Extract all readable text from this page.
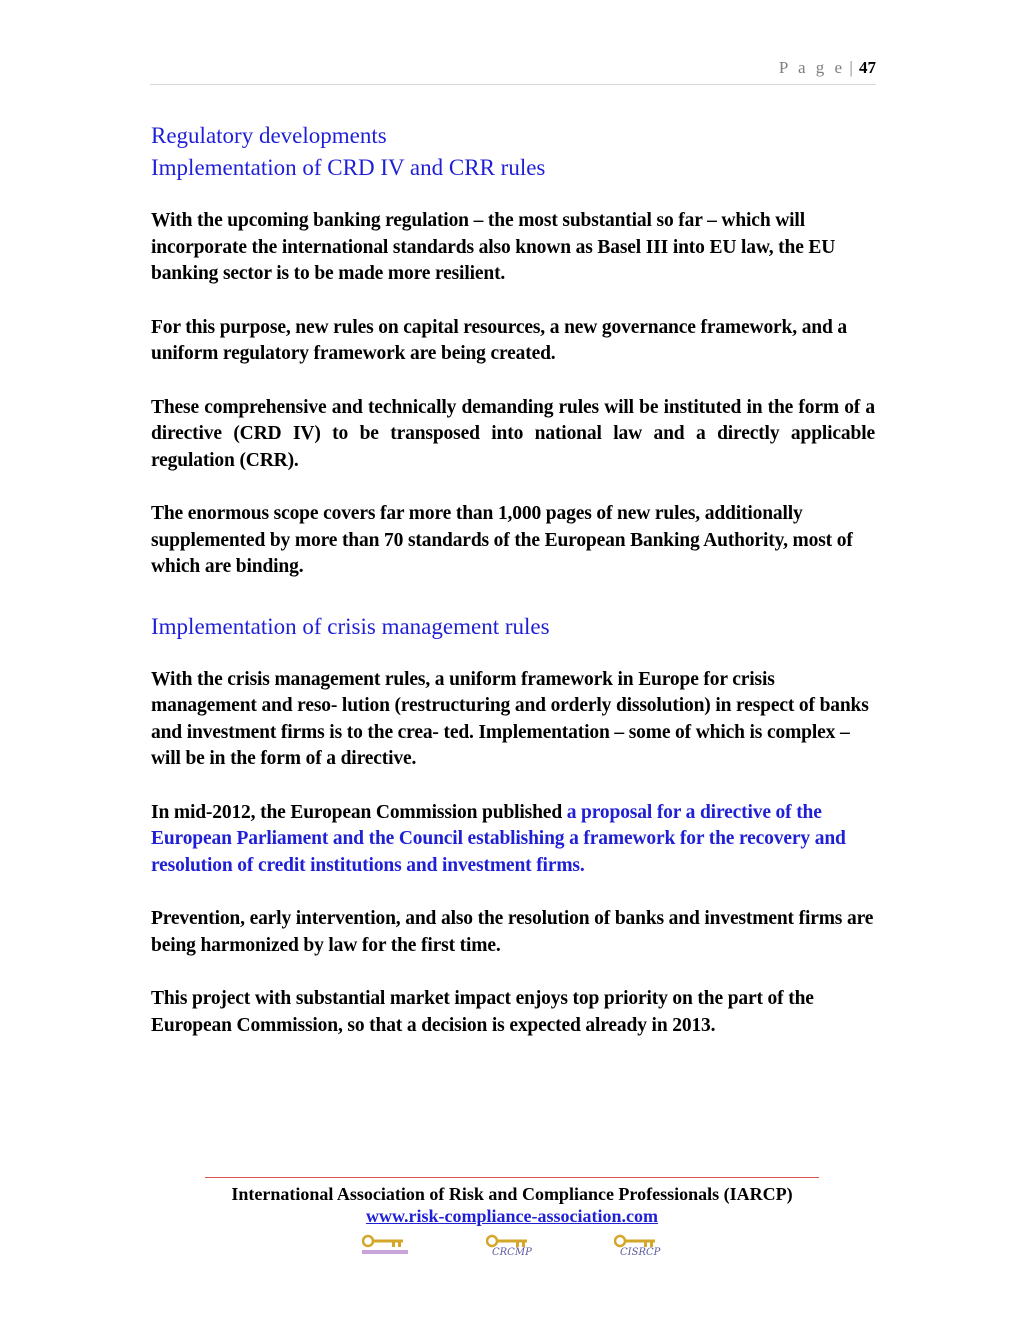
P a g e | 47
Regulatory developments
Implementation of CRD IV and CRR rules

With the upcoming banking regulation – the most substantial so far – which will incorporate the international standards also known as Basel III into EU law, the EU banking sector is to be made more resilient.

For this purpose, new rules on capital resources, a new governance framework, and a uniform regulatory framework are being created.

These comprehensive and technically demanding rules will be instituted in the form of a directive (CRD IV) to be transposed into national law and a directly applicable regulation (CRR).

The enormous scope covers far more than 1,000 pages of new rules, additionally supplemented by more than 70 standards of the European Banking Authority, most of which are binding.

Implementation of crisis management rules

With the crisis management rules, a uniform framework in Europe for crisis management and reso- lution (restructuring and orderly dissolution) in respect of banks and investment firms is to the crea- ted. Implementation – some of which is complex – will be in the form of a directive.

In mid-2012, the European Commission published a proposal for a directive of the European Parliament and the Council establishing a framework for the recovery and resolution of credit institutions and investment firms.

Prevention, early intervention, and also the resolution of banks and investment firms are being harmonized by law for the first time.

This project with substantial market impact enjoys top priority on the part of the European Commission, so that a decision is expected already in 2013.

International Association of Risk and Compliance Professionals (IARCP)
www.risk-compliance-association.com
CRCMP	CISRCP
